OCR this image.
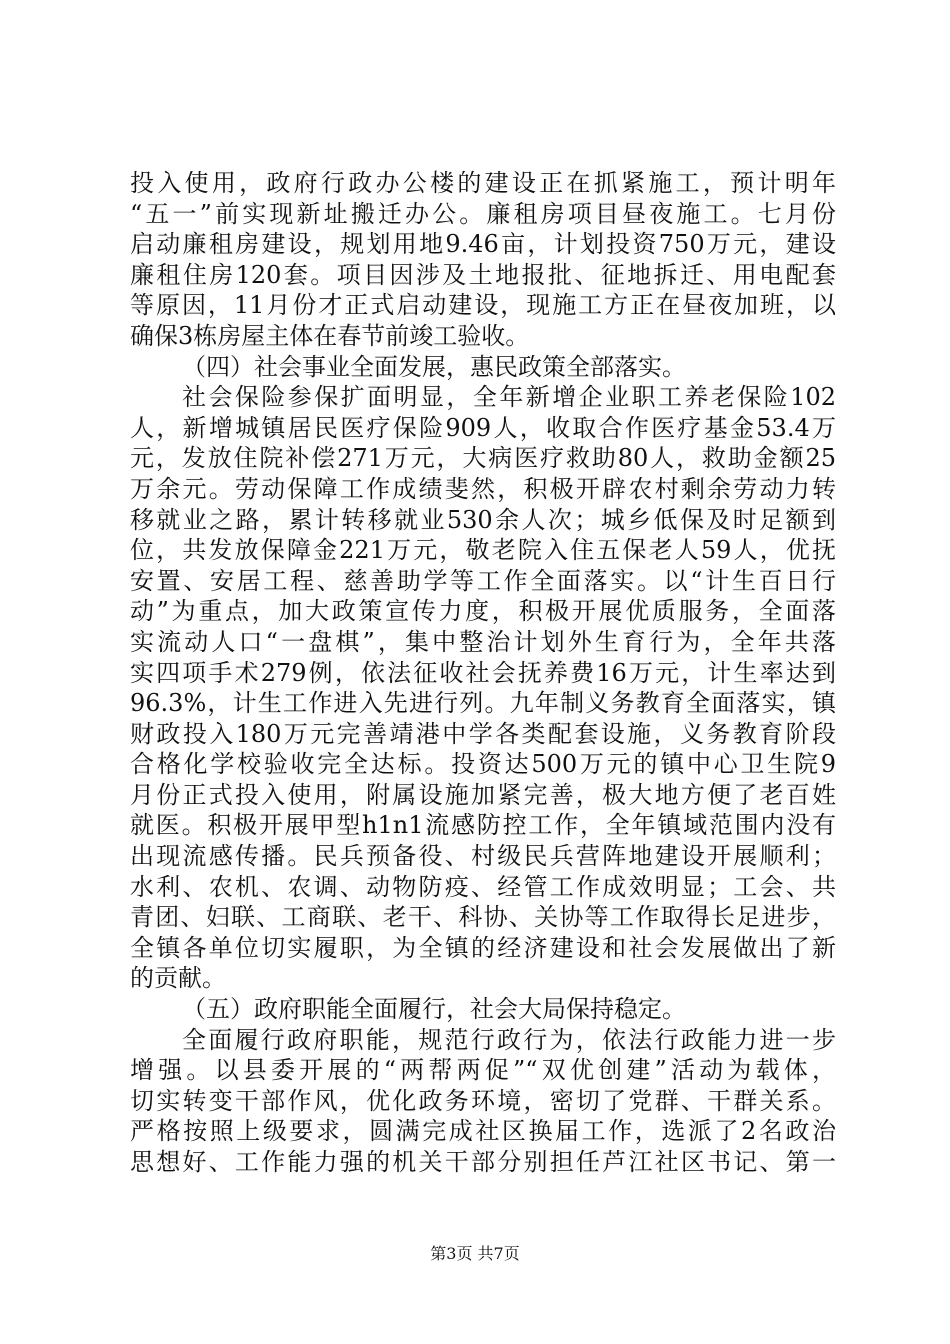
投入使用，政府行政办公楼的建设正在抓紧施工，预计明年
“五一”前实现新址搬迁办公。廉租房项目昼夜施工。七月份
启动廉租房建设，规划用地9.46亩，计划投资750万元，建设
廉租住房120套。项目因涉及土地报批、征地拆迁、用电配套
等原因，11月份才正式启动建设，现施工方正在昼夜加班，以
确保3栋房屋主体在春节前竣工验收。
（四）社会事业全面发展，惠民政策全部落实。
社会保险参保扩面明显，全年新增企业职工养老保险102
人，新增城镇居民医疗保险909人，收取合作医疗基金53.4万
元，发放住院补偿271万元，大病医疗救助80人，救助金额25
万余元。劳动保障工作成绩斐然，积极开辟农村剩余劳动力转
移就业之路，累计转移就业530余人次；城乡低保及时足额到
位，共发放保障金221万元，敬老院入住五保老人59人，优抚
安置、安居工程、慈善助学等工作全面落实。以“计生百日行
动”为重点，加大政策宣传力度，积极开展优质服务，全面落
实流动人口“一盘棋”，集中整治计划外生育行为，全年共落
实四项手术279例，依法征收社会抚养费16万元，计生率达到
96.3%，计生工作进入先进行列。九年制义务教育全面落实，镇
财政投入180万元完善靖港中学各类配套设施，义务教育阶段
合格化学校验收完全达标。投资达500万元的镇中心卫生院9
月份正式投入使用，附属设施加紧完善，极大地方便了老百姓
就医。积极开展甲型h1n1流感防控工作，全年镇域范围内没有
出现流感传播。民兵预备役、村级民兵营阵地建设开展顺利；
水利、农机、农调、动物防疫、经管工作成效明显；工会、共
青团、妇联、工商联、老干、科协、关协等工作取得长足进步，
全镇各单位切实履职，为全镇的经济建设和社会发展做出了新
的贡献。
（五）政府职能全面履行，社会大局保持稳定。
全面履行政府职能，规范行政行为，依法行政能力进一步
增强。以县委开展的“两帮两促”“双优创建”活动为载体，
切实转变干部作风，优化政务环境，密切了党群、干群关系。
严格按照上级要求，圆满完成社区换届工作，选派了2名政治
思想好、工作能力强的机关干部分别担任芦江社区书记、第一
第3页 共7页
